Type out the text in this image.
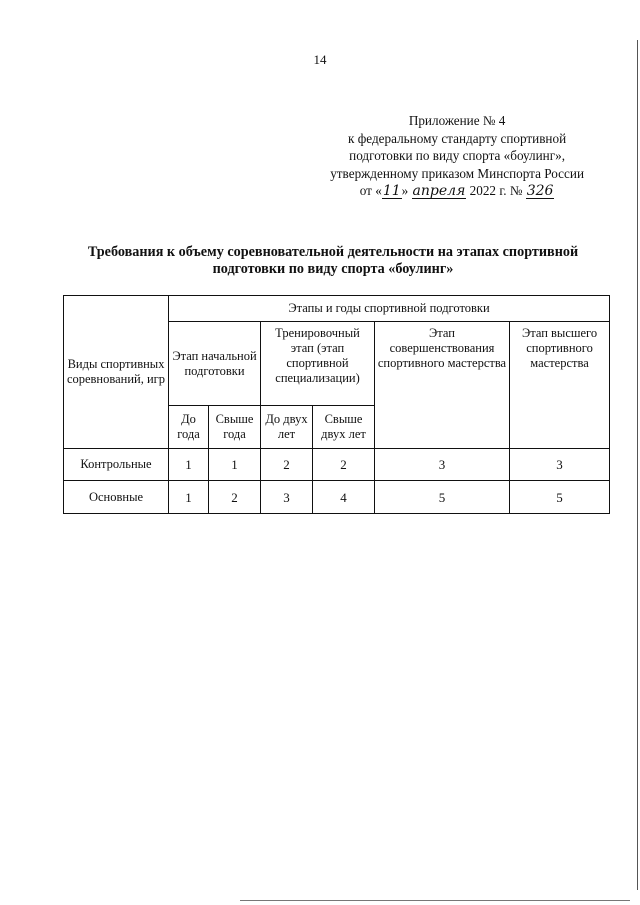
14
Приложение № 4
к федеральному стандарту спортивной
подготовки по виду спорта «боулинг»,
утвержденному приказом Минспорта России
от «11» апреля 2022 г. № 326
Требования к объему соревновательной деятельности на этапах спортивной подготовки по виду спорта «боулинг»
Виды спортивных соревнований, игр	Этапы и годы спортивной подготовки					
	Этап начальной подготовки		Тренировочный этап (этап спортивной специализации)		Этап совершенствования спортивного мастерства	Этап высшего спортивного мастерства
	До года	Свыше года	До двух лет	Свыше двух лет		
Контрольные	1	1	2	2	3	3
Основные	1	2	3	4	5	5
